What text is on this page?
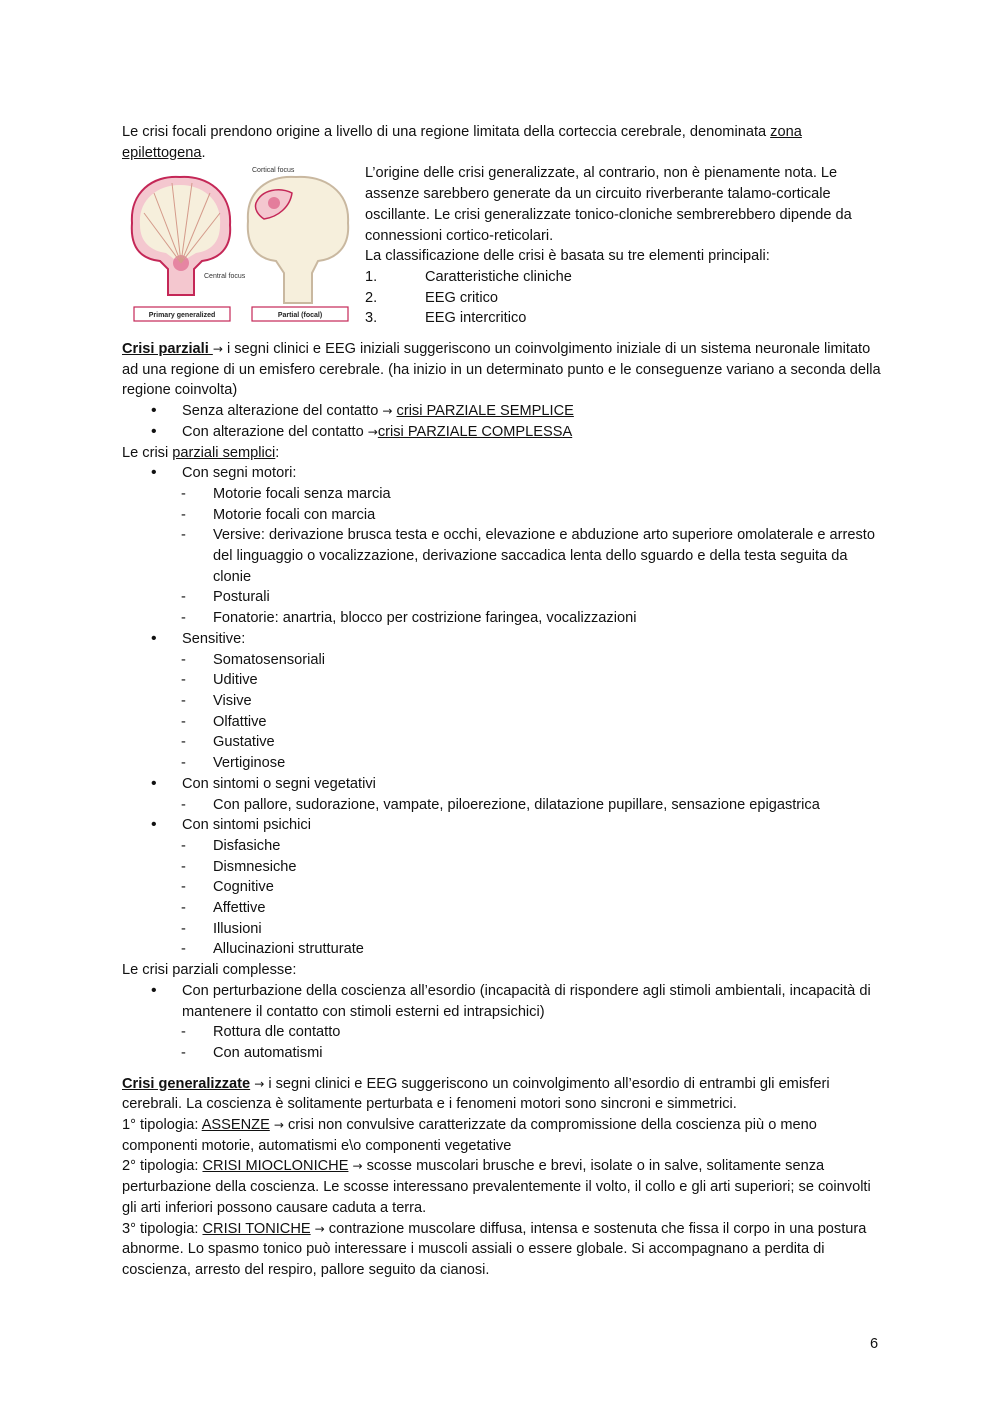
Le crisi focali prendono origine a livello di una regione limitata della corteccia cerebrale, denominata zona epilettogena.

Cortical focus
Central focus
Primary generalized	Partial (focal)

L’origine delle crisi generalizzate, al contrario, non è pienamente nota. Le assenze sarebbero generate da un circuito riverberante talamo-corticale oscillante. Le crisi generalizzate tonico-cloniche sembrerebbero dipende da connessioni cortico-reticolari.

La classificazione delle crisi è basata su tre elementi principali:

1.	Caratteristiche cliniche
2.	EEG critico
3.	EEG intercritico

Crisi parziali → i segni clinici e EEG iniziali suggeriscono un coinvolgimento iniziale di un sistema neuronale limitato ad una regione di un emisfero cerebrale. (ha inizio in un determinato punto e le conseguenze variano a seconda della regione coinvolta)

• Senza alterazione del contatto → crisi PARZIALE SEMPLICE
• Con alterazione del contatto →crisi PARZIALE COMPLESSA

Le crisi parziali semplici:

• Con segni motori:
- Motorie focali senza marcia
- Motorie focali con marcia
- Versive: derivazione brusca testa e occhi, elevazione e abduzione arto superiore omolaterale e arresto del linguaggio o vocalizzazione, derivazione saccadica lenta dello sguardo e della testa seguita da clonie
- Posturali
- Fonatorie: anartria, blocco per costrizione faringea, vocalizzazioni
• Sensitive:
- Somatosensoriali
- Uditive
- Visive
- Olfattive
- Gustative
- Vertiginose
• Con sintomi o segni vegetativi
- Con pallore, sudorazione, vampate, piloerezione, dilatazione pupillare, sensazione epigastrica
• Con sintomi psichici
- Disfasiche
- Dismnesiche
- Cognitive
- Affettive
- Illusioni
- Allucinazioni strutturate

Le crisi parziali complesse:

• Con perturbazione della coscienza all’esordio (incapacità di rispondere agli stimoli ambientali, incapacità di mantenere il contatto con stimoli esterni ed intrapsichici)
- Rottura dle contatto
- Con automatismi

Crisi generalizzate → i segni clinici e EEG suggeriscono un coinvolgimento all’esordio di entrambi gli emisferi cerebrali. La coscienza è solitamente perturbata e i fenomeni motori sono sincroni e simmetrici.

1° tipologia: ASSENZE → crisi non convulsive caratterizzate da compromissione della coscienza più o meno componenti motorie, automatismi e\o componenti vegetative

2° tipologia: CRISI MIOCLONICHE → scosse muscolari brusche e brevi, isolate o in salve, solitamente senza perturbazione della coscienza. Le scosse interessano prevalentemente il volto, il collo e gli arti superiori; se coinvolti gli arti inferiori possono causare caduta a terra.

3° tipologia: CRISI TONICHE → contrazione muscolare diffusa, intensa e sostenuta che fissa il corpo in una postura abnorme. Lo spasmo tonico può interessare i muscoli assiali o essere globale. Si accompagnano a perdita di coscienza, arresto del respiro, pallore seguito da cianosi.

6
